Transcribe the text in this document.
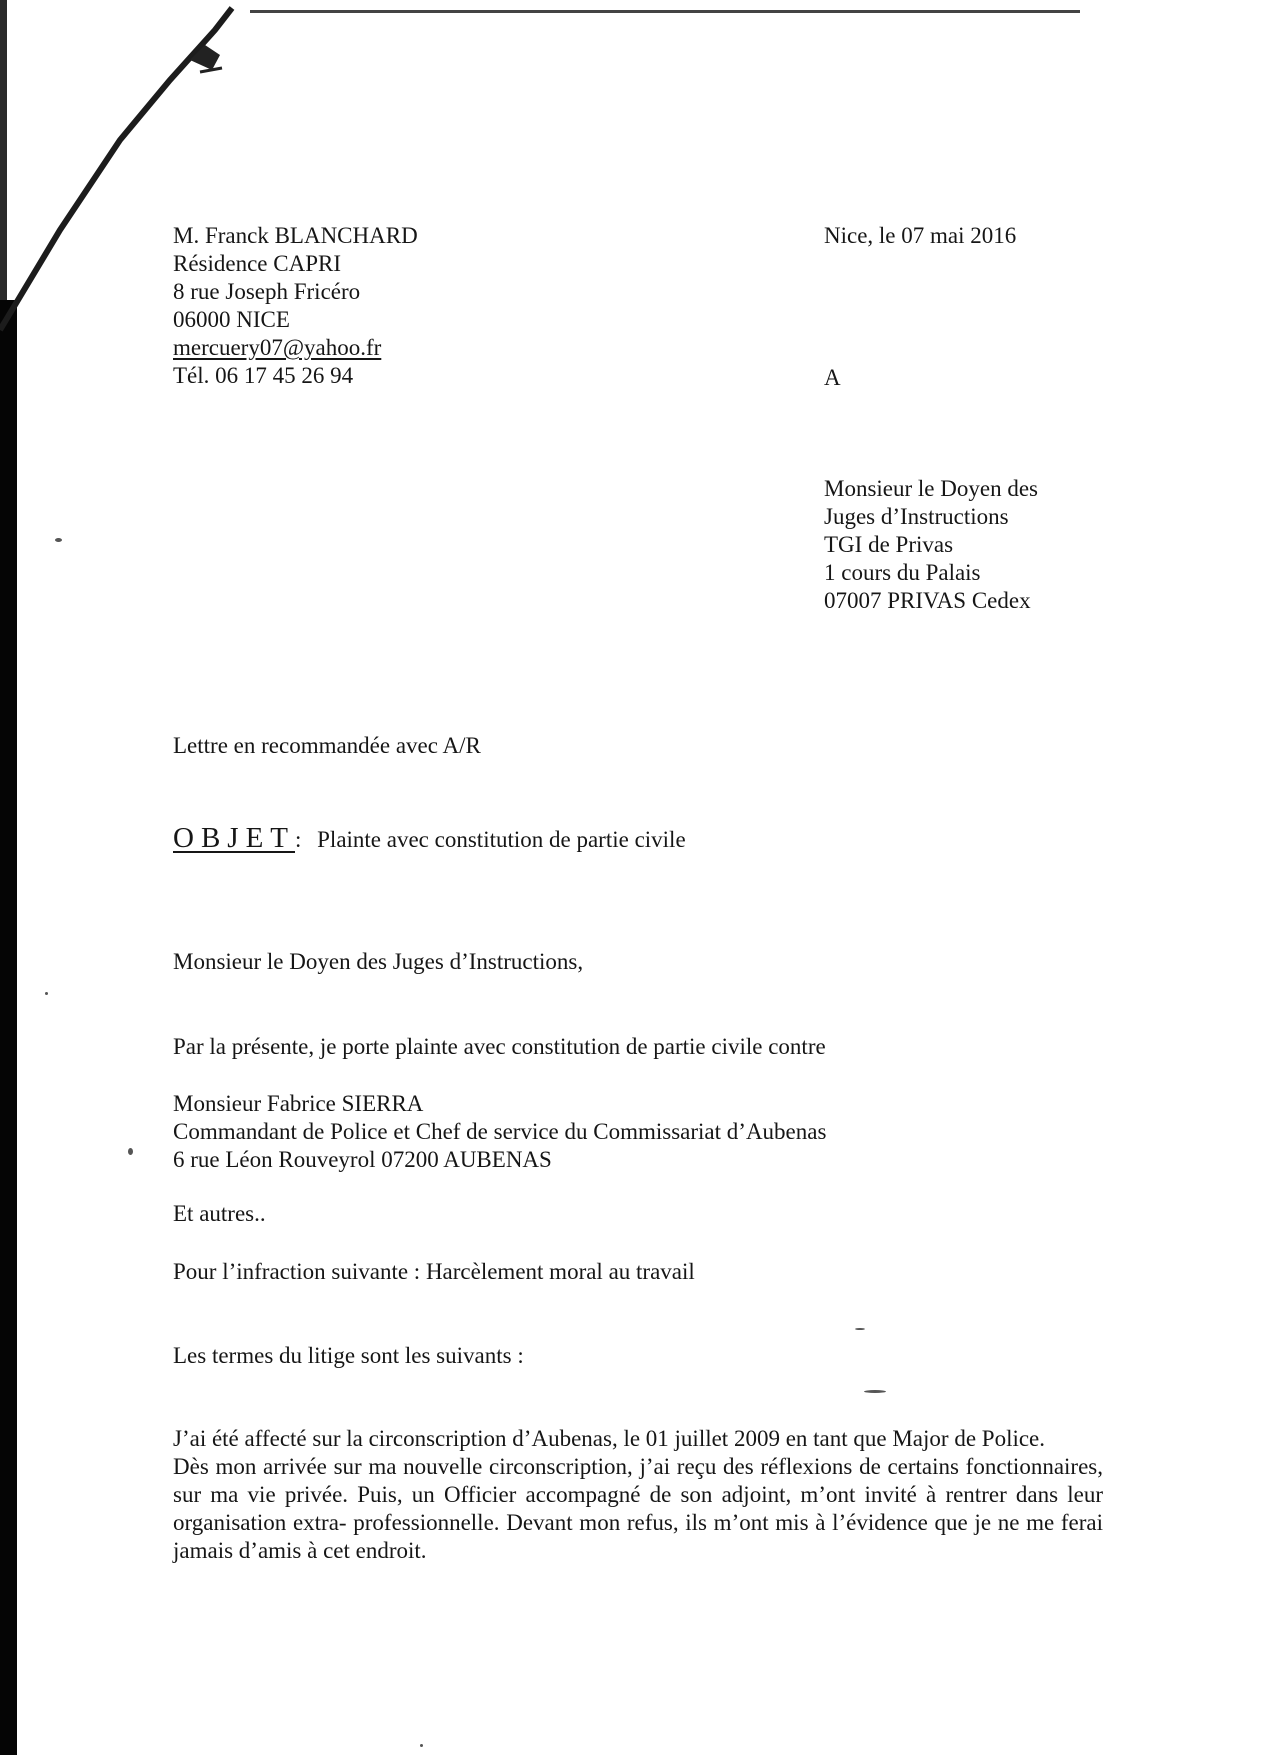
M. Franck BLANCHARD
Résidence CAPRI
8 rue Joseph Fricéro
06000 NICE
mercuery07@yahoo.fr
Tél. 06 17 45 26 94
Nice, le 07 mai 2016
A
Monsieur le Doyen des
Juges d’Instructions
TGI de Privas
1 cours du Palais
07007 PRIVAS Cedex
Lettre en recommandée avec A/R
OBJET: Plainte avec constitution de partie civile
Monsieur le Doyen des Juges d’Instructions,
Par la présente, je porte plainte avec constitution de partie civile contre
Monsieur Fabrice SIERRA
Commandant de Police et Chef de service du Commissariat d’Aubenas
6 rue Léon Rouveyrol 07200 AUBENAS
Et autres..
Pour l’infraction suivante : Harcèlement moral au travail
Les termes du litige sont les suivants :

J’ai été affecté sur la circonscription d’Aubenas, le 01 juillet 2009 en tant que Major de Police.

Dès mon arrivée sur ma nouvelle circonscription, j’ai reçu des réflexions de certains fonctionnaires, sur ma vie privée. Puis, un Officier accompagné de son adjoint, m’ont invité à rentrer dans leur organisation extra- professionnelle. Devant mon refus, ils m’ont mis à l’évidence que je ne me ferai jamais d’amis à cet endroit.
